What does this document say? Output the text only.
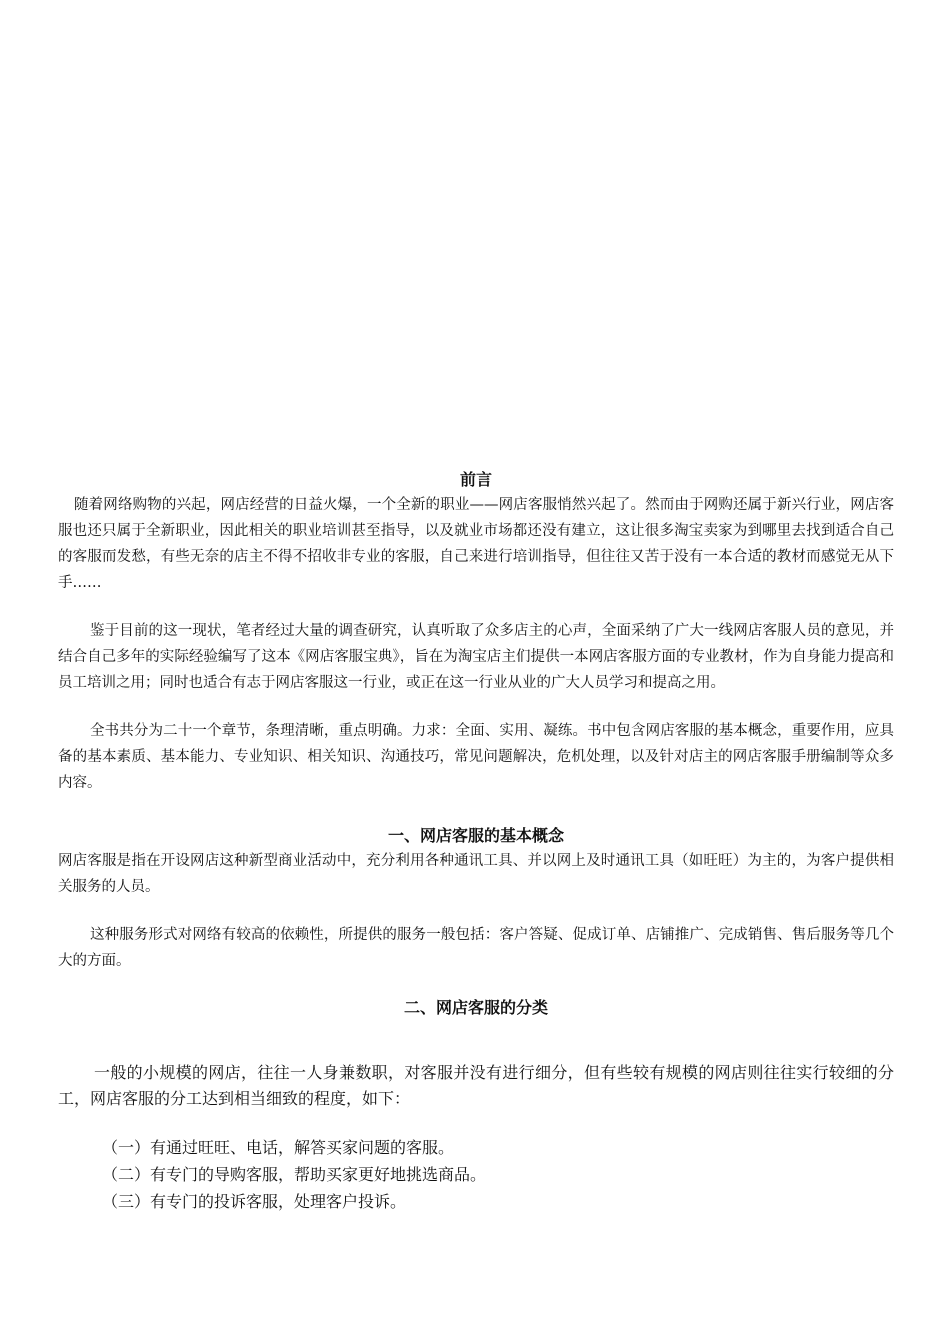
前言

随着网络购物的兴起，网店经营的日益火爆，一个全新的职业——网店客服悄然兴起了。然而由于网购还属于新兴行业，网店客服也还只属于全新职业，因此相关的职业培训甚至指导，以及就业市场都还没有建立，这让很多淘宝卖家为到哪里去找到适合自己的客服而发愁，有些无奈的店主不得不招收非专业的客服，自己来进行培训指导，但往往又苦于没有一本合适的教材而感觉无从下手……

鉴于目前的这一现状，笔者经过大量的调查研究，认真听取了众多店主的心声，全面采纳了广大一线网店客服人员的意见，并结合自己多年的实际经验编写了这本《网店客服宝典》，旨在为淘宝店主们提供一本网店客服方面的专业教材，作为自身能力提高和员工培训之用；同时也适合有志于网店客服这一行业，或正在这一行业从业的广大人员学习和提高之用。

全书共分为二十一个章节，条理清晰，重点明确。力求：全面、实用、凝练。书中包含网店客服的基本概念，重要作用，应具备的基本素质、基本能力、专业知识、相关知识、沟通技巧，常见问题解决，危机处理，以及针对店主的网店客服手册编制等众多内容。

一、网店客服的基本概念

网店客服是指在开设网店这种新型商业活动中，充分利用各种通讯工具、并以网上及时通讯工具（如旺旺）为主的，为客户提供相关服务的人员。

这种服务形式对网络有较高的依赖性，所提供的服务一般包括：客户答疑、促成订单、店铺推广、完成销售、售后服务等几个大的方面。

二、网店客服的分类

一般的小规模的网店，往往一人身兼数职，对客服并没有进行细分，但有些较有规模的网店则往往实行较细的分工，网店客服的分工达到相当细致的程度，如下：

（一）有通过旺旺、电话，解答买家问题的客服。
（二）有专门的导购客服，帮助买家更好地挑选商品。
（三）有专门的投诉客服，处理客户投诉。
